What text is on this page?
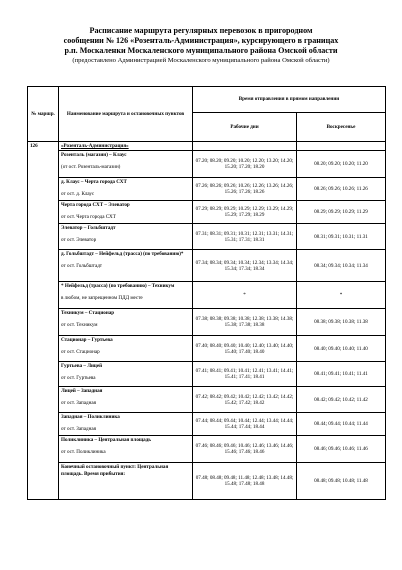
Расписание маршрута регулярных перевозок в пригородном
сообщении № 126 «Розенталь-Администрация», курсирующего в границах
р.п. Москаленки Москаленского муниципального района Омской области
(предоставлено Администрацией Москаленского муниципального района Омской области)
№ маршр.	Наименование маршрута и остановочных пунктов	Время отправления в прямом направлении	
		Рабочие дни	Воскресенье
126	«Розенталь-Администрация»		
	Розенталь (магазин) – Клаус
(от ост. Розенталь-магазин)	07.20; 08.20; 09.20; 10.20; 12.20; 13.20; 14.20; 15.20; 17.20; 18.20	08.20; 09.20; 10.20; 11.20
	д. Клаус – Черта города СХТ
от ост. д. Клаус	07.26; 08.26; 09.26; 10.26; 12.26; 13.26; 14.26; 15.26; 17.26; 18.26	08.26; 09.26; 10.26; 11.26
	Черта города СХТ – Элеватор
от ост. Черта города СХТ	07.29; 08.29; 09.29; 10.29; 12.29; 13.29; 14.29; 15.29; 17.29; 18.29	08.29; 09.29; 10.29; 11.29
	Элеватор – Гольбштадт
от ост. Элеватор	07.31; 08.31; 09.31; 10.31; 12.31; 13.31; 14.31; 15.31; 17.31; 18.31	08.31; 09.31; 10.31; 11.31
	д. Гольбштадт – Нейфельд (трасса) (по требованию)*
от ост. Гольбштадт	07.34; 08.34; 09.34; 10.34; 12.34; 13.34; 14.34; 15.34; 17.34; 18.34	08.34; 09.34; 10.34; 11.34
	* Нейфельд (трасса) (по требованию) – Техникум
в любом, не запрещенном ПДД месте	*	*
	Техникум – Стационар
от ост. Техникум	07.38; 08.38; 09.38; 10.38; 12.38; 13.38; 14.38; 15.38; 17.38; 18.38	08.38; 09.38; 10.38; 11.38
	Стационар – Гуртьева
от ост. Стационар	07.40; 08.40; 09.40; 10.40; 12.40; 13.40; 14.40; 15.40; 17.40; 18.40	08.40; 09.40; 10.40; 11.40
	Гуртьева – Лицей
от ост. Гуртьева	07.41; 08.41; 09.41; 10.41; 12.41; 13.41; 14.41; 15.41; 17.41; 18.41	08.41; 09.41; 10.41; 11.41
	Лицей – Западная
от ост. Западная	07.42; 08.42; 09.42; 10.42; 12.42; 13.42; 14.42; 15.42; 17.42; 18.42	08.42; 09.42; 10.42; 11.42
	Западная – Поликлиника
от ост. Западная	07.44; 08.44; 09.44; 10.44; 12.44; 13.44; 14.44; 15.44; 17.44; 18.44	08.44; 09.44; 10.44; 11.44
	Поликлиника – Центральная площадь
от ост. Поликлиника	07.46; 08.46; 09.46; 10.46; 12.46; 13.46; 14.46; 15.46; 17.46; 18.46	08.46; 09.46; 10.46; 11.46
	Конечный остановочный пункт: Центральная площадь. Время прибытия:	07.48; 08.48; 09.48; 11.48; 12.48; 13.48; 14.48; 15.48; 17.48; 18.48	08.48; 09.48; 10.48; 11.48
